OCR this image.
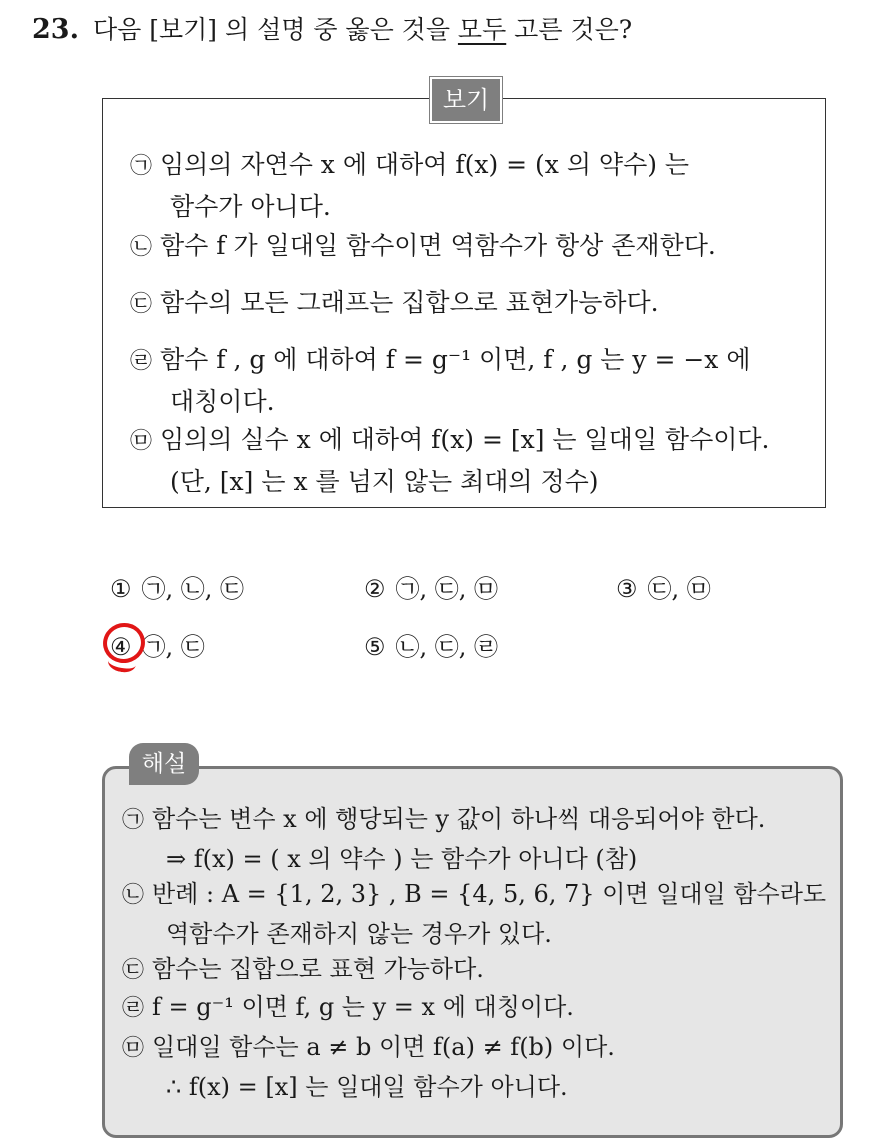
23. 다음 [보기] 의 설명 중 옳은 것을 모두 고른 것은?
보기
㉠ 임의의 자연수 x 에 대하여 f(x) = (x 의 약수) 는
함수가 아니다.
㉡ 함수 f 가 일대일 함수이면 역함수가 항상 존재한다.
㉢ 함수의 모든 그래프는 집합으로 표현가능하다.
㉣ 함수 f , g 에 대하여 f = g⁻¹ 이면, f , g 는 y = −x 에
대칭이다.
㉤ 임의의 실수 x 에 대하여 f(x) = [x] 는 일대일 함수이다.
(단, [x] 는 x 를 넘지 않는 최대의 정수)
① ㉠, ㉡, ㉢	② ㉠, ㉢, ㉤	③ ㉢, ㉤
④ ㉠, ㉢	⑤ ㉡, ㉢, ㉣
해설
㉠ 함수는 변수 x 에 행당되는 y 값이 하나씩 대응되어야 한다.
⇒ f(x) = ( x 의 약수 ) 는 함수가 아니다 (참)
㉡ 반례 : A = {1, 2, 3} , B = {4, 5, 6, 7} 이면 일대일 함수라도
역함수가 존재하지 않는 경우가 있다.
㉢ 함수는 집합으로 표현 가능하다.
㉣ f = g⁻¹ 이면 f, g 는 y = x 에 대칭이다.
㉤ 일대일 함수는 a ≠ b 이면 f(a) ≠ f(b) 이다.
∴ f(x) = [x] 는 일대일 함수가 아니다.
